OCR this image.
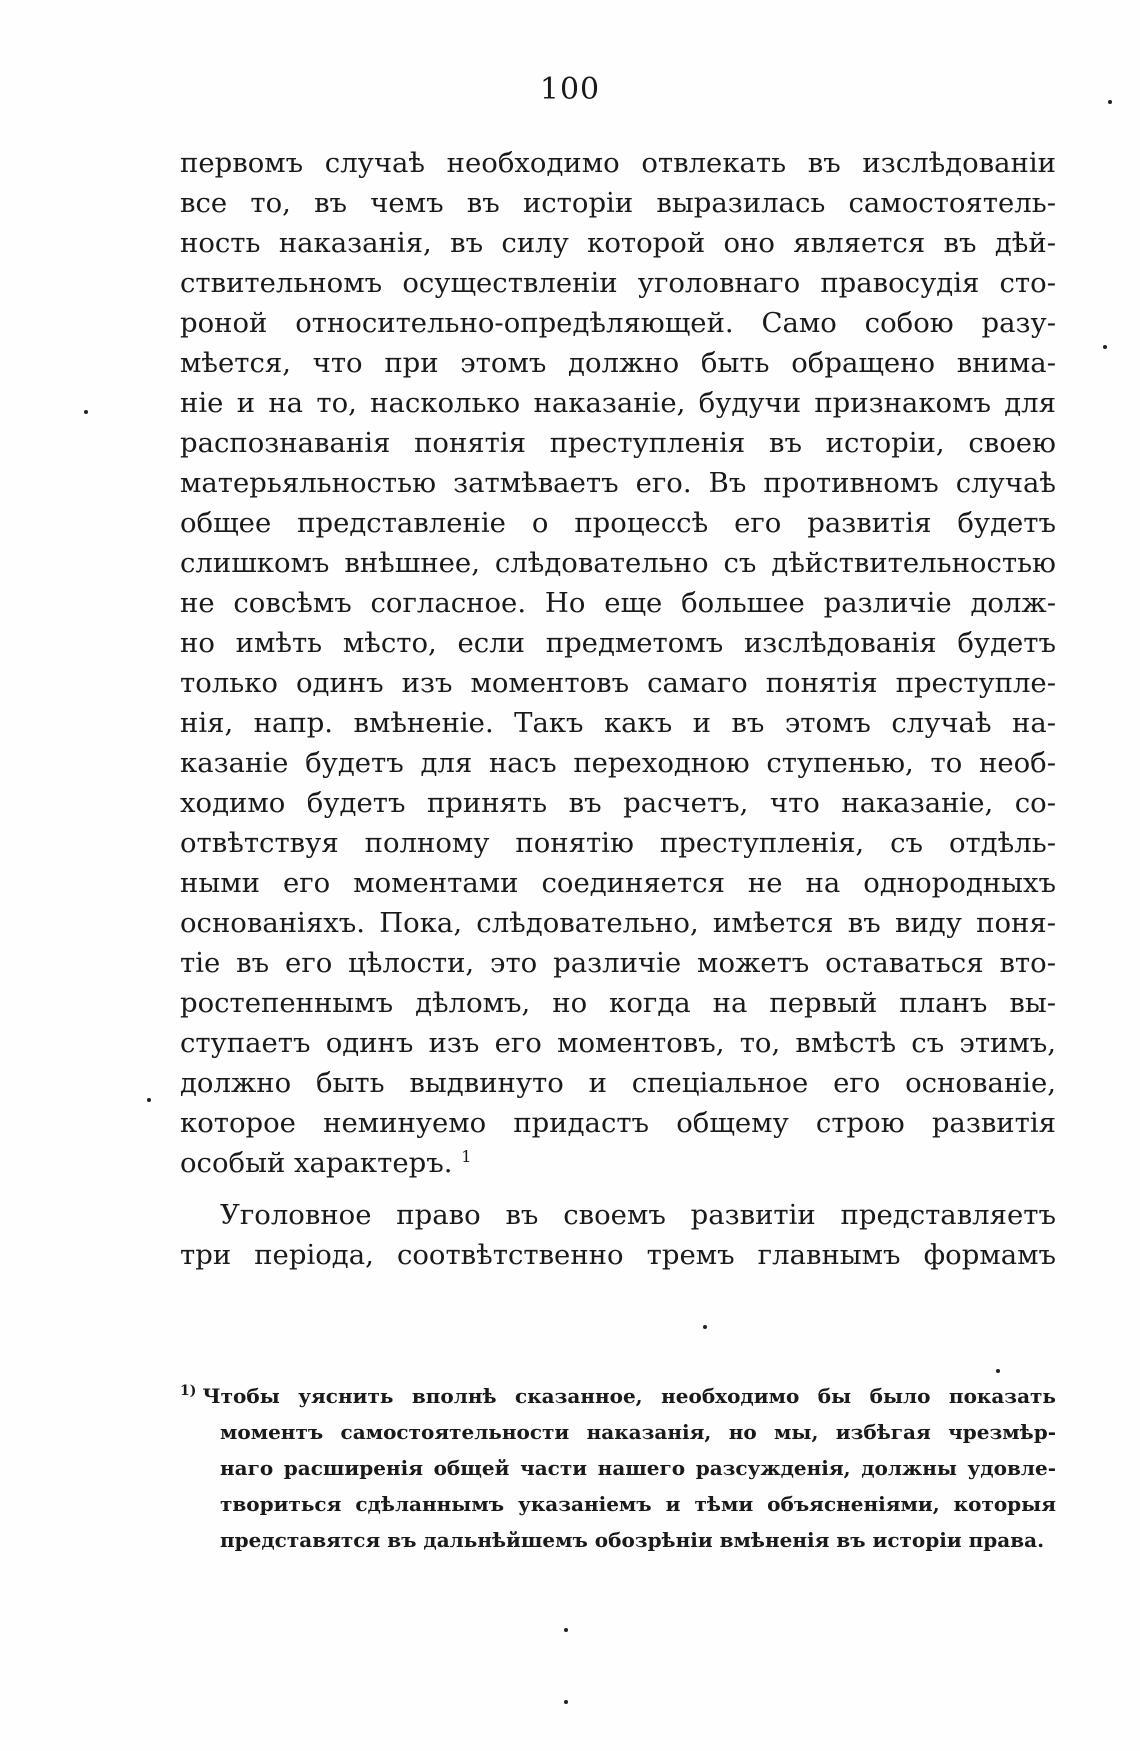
100
первомъ случаѣ необходимо отвлекать въ изслѣдованіи
все то, въ чемъ въ исторіи выразилась самостоятель-
ность наказанія, въ силу которой оно является въ дѣй-
ствительномъ осуществленіи уголовнаго правосудія сто-
роной относительно-опредѣляющей. Само собою разу-
мѣется, что при этомъ должно быть обращено внима-
ніе и на то, насколько наказаніе, будучи признакомъ для
распознаванія понятія преступленія въ исторіи, своею
матерьяльностью затмѣваетъ его. Въ противномъ случаѣ
общее представленіе о процессѣ его развитія будетъ
слишкомъ внѣшнее, слѣдовательно съ дѣйствительностью
не совсѣмъ согласное. Но еще большее различіе долж-
но имѣть мѣсто, если предметомъ изслѣдованія будетъ
только одинъ изъ моментовъ самаго понятія преступле-
нія, напр. вмѣненіе. Такъ какъ и въ этомъ случаѣ на-
казаніе будетъ для насъ переходною ступенью, то необ-
ходимо будетъ принять въ расчетъ, что наказаніе, со-
отвѣтствуя полному понятію преступленія, съ отдѣль-
ными его моментами соединяется не на однородныхъ
основаніяхъ. Пока, слѣдовательно, имѣется въ виду поня-
тіе въ его цѣлости, это различіе можетъ оставаться вто-
ростепеннымъ дѣломъ, но когда на первый планъ вы-
ступаетъ одинъ изъ его моментовъ, то, вмѣстѣ съ этимъ,
должно быть выдвинуто и спеціальное его основаніе,
которое неминуемо придастъ общему строю развитія
особый характеръ. $^1$
Уголовное право въ своемъ развитіи представляетъ
три періода, соотвѣтственно тремъ главнымъ формамъ
$^{1)}$ Чтобы уяснить вполнѣ сказанное, необходимо бы было показать
моментъ самостоятельности наказанія, но мы, избѣгая чрезмѣр-
наго расширенія общей части нашего разсужденія, должны удовле-
твориться сдѣланнымъ указаніемъ и тѣми объясненіями, которыя
представятся въ дальнѣйшемъ обозрѣніи вмѣненія въ исторіи права.
